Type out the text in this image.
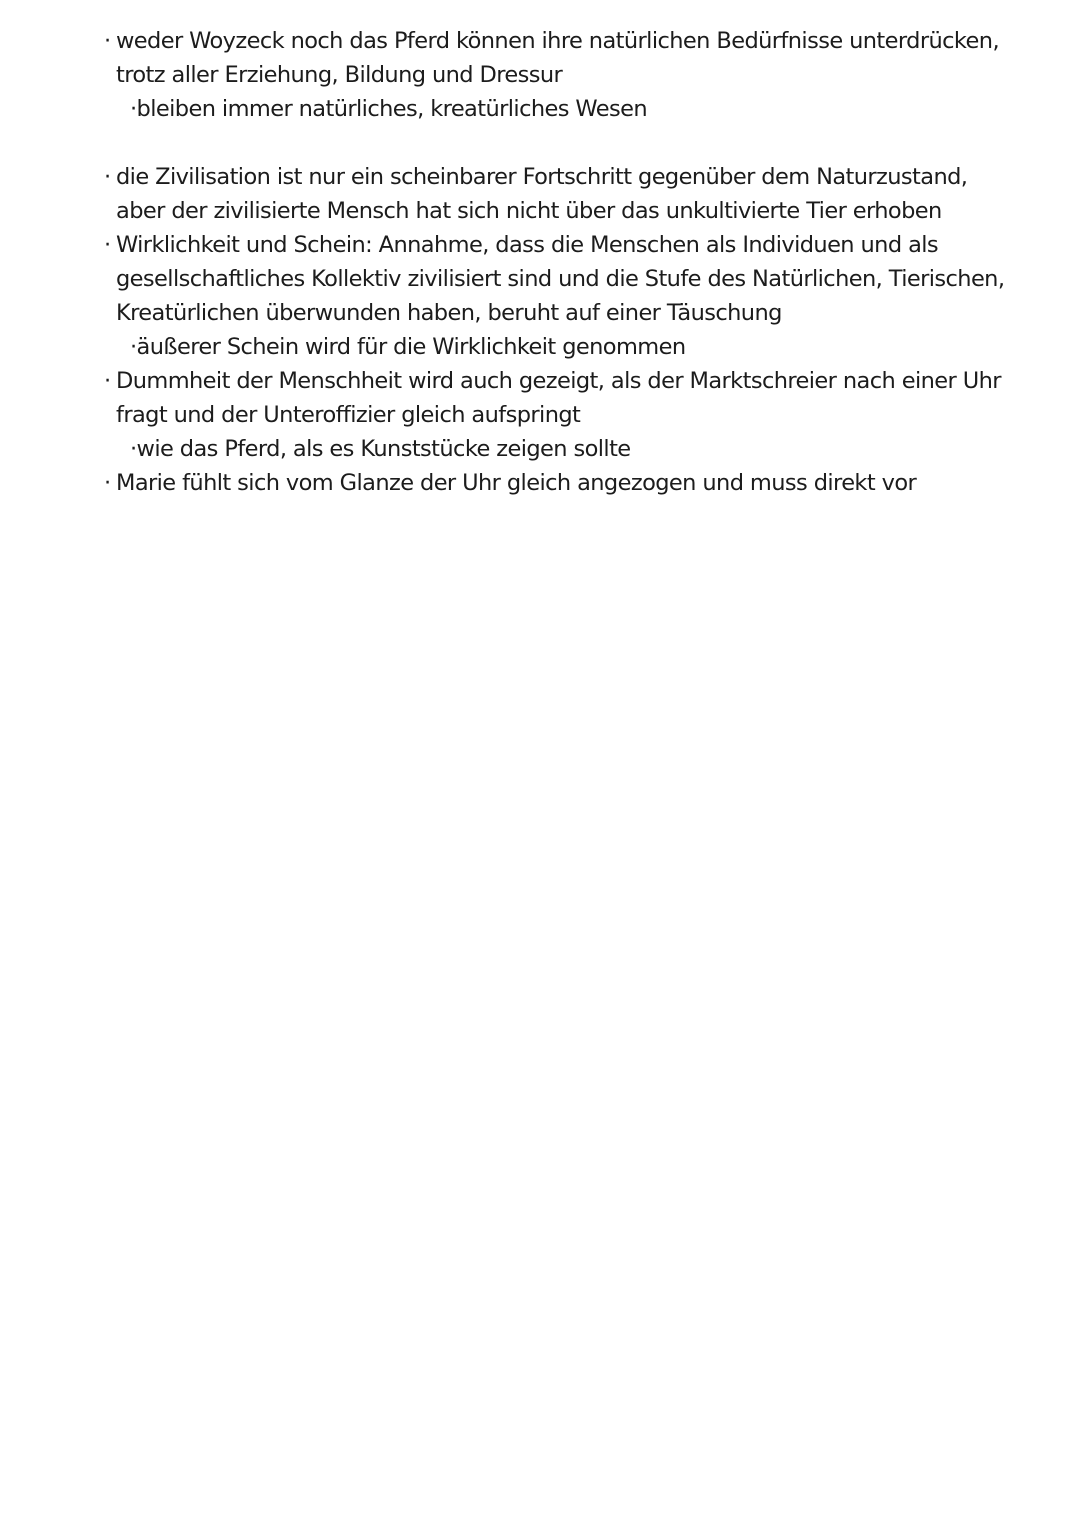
· weder Woyzeck noch das Pferd können ihre natürlichen Bedürfnisse unterdrücken,
trotz aller Erziehung, Bildung und Dressur
·bleiben immer natürliches, kreatürliches Wesen
· die Zivilisation ist nur ein scheinbarer Fortschritt gegenüber dem Naturzustand,
aber der zivilisierte Mensch hat sich nicht über das unkultivierte Tier erhoben
· Wirklichkeit und Schein: Annahme, dass die Menschen als Individuen und als
gesellschaftliches Kollektiv zivilisiert sind und die Stufe des Natürlichen, Tierischen,
Kreatürlichen überwunden haben, beruht auf einer Täuschung
·äußerer Schein wird für die Wirklichkeit genommen
· Dummheit der Menschheit wird auch gezeigt, als der Marktschreier nach einer Uhr
fragt und der Unteroffizier gleich aufspringt
·wie das Pferd, als es Kunststücke zeigen sollte
· Marie fühlt sich vom Glanze der Uhr gleich angezogen und muss direkt vor
